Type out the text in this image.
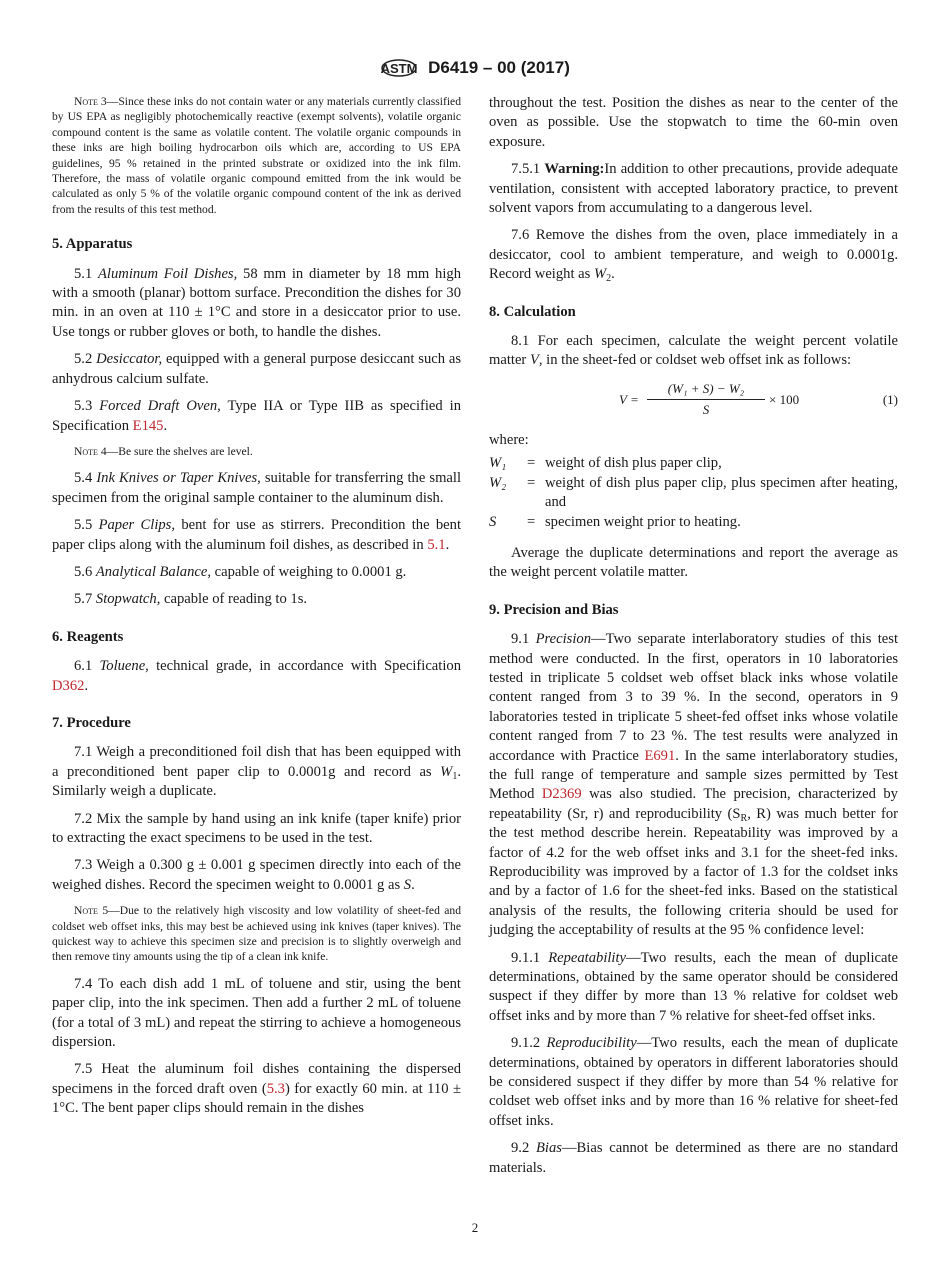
ASTM D6419 – 00 (2017)

Note 3—Since these inks do not contain water or any materials currently classified by US EPA as negligibly photochemically reactive (exempt solvents), volatile organic compound content is the same as volatile content. The volatile organic compounds in these inks are high boiling hydrocarbon oils which are, according to US EPA guidelines, 95 % retained in the printed substrate or oxidized into the ink film. Therefore, the mass of volatile organic compound emitted from the ink would be calculated as only 5 % of the volatile organic compound content of the ink as derived from the results of this test method.

5. Apparatus

5.1 Aluminum Foil Dishes, 58 mm in diameter by 18 mm high with a smooth (planar) bottom surface. Precondition the dishes for 30 min. in an oven at 110 ± 1°C and store in a desiccator prior to use. Use tongs or rubber gloves or both, to handle the dishes.

5.2 Desiccator, equipped with a general purpose desiccant such as anhydrous calcium sulfate.

5.3 Forced Draft Oven, Type IIA or Type IIB as specified in Specification E145.

Note 4—Be sure the shelves are level.

5.4 Ink Knives or Taper Knives, suitable for transferring the small specimen from the original sample container to the aluminum dish.

5.5 Paper Clips, bent for use as stirrers. Precondition the bent paper clips along with the aluminum foil dishes, as described in 5.1.

5.6 Analytical Balance, capable of weighing to 0.0001 g.

5.7 Stopwatch, capable of reading to 1s.

6. Reagents

6.1 Toluene, technical grade, in accordance with Specification D362.

7. Procedure

7.1 Weigh a preconditioned foil dish that has been equipped with a preconditioned bent paper clip to 0.0001g and record as $W_1$. Similarly weigh a duplicate.

7.2 Mix the sample by hand using an ink knife (taper knife) prior to extracting the exact specimens to be used in the test.

7.3 Weigh a 0.300 g ± 0.001 g specimen directly into each of the weighed dishes. Record the specimen weight to 0.0001 g as S.

Note 5—Due to the relatively high viscosity and low volatility of sheet-fed and coldset web offset inks, this may best be achieved using ink knives (taper knives). The quickest way to achieve this specimen size and precision is to slightly overweigh and then remove tiny amounts using the tip of a clean ink knife.

7.4 To each dish add 1 mL of toluene and stir, using the bent paper clip, into the ink specimen. Then add a further 2 mL of toluene (for a total of 3 mL) and repeat the stirring to achieve a homogeneous dispersion.

7.5 Heat the aluminum foil dishes containing the dispersed specimens in the forced draft oven (5.3) for exactly 60 min. at 110 ± 1°C. The bent paper clips should remain in the dishes

throughout the test. Position the dishes as near to the center of the oven as possible. Use the stopwatch to time the 60-min oven exposure.

7.5.1 Warning:In addition to other precautions, provide adequate ventilation, consistent with accepted laboratory practice, to prevent solvent vapors from accumulating to a dangerous level.

7.6 Remove the dishes from the oven, place immediately in a desiccator, cool to ambient temperature, and weigh to 0.0001g. Record weight as $W_2$.

8. Calculation

8.1 For each specimen, calculate the weight percent volatile matter V, in the sheet-fed or coldset web offset ink as follows:

$V = \frac{\text{(W₁ + S) − W₂}}{S} \times 100$	(1)
where:
W₁	= weight of dish plus paper clip,
W₂	= weight of dish plus paper clip, plus specimen after heating, and
S	= specimen weight prior to heating.

Average the duplicate determinations and report the average as the weight percent volatile matter.

9. Precision and Bias

9.1 Precision—Two separate interlaboratory studies of this test method were conducted. In the first, operators in 10 laboratories tested in triplicate 5 coldset web offset black inks whose volatile content ranged from 3 to 39 %. In the second, operators in 9 laboratories tested in triplicate 5 sheet-fed offset inks whose volatile content ranged from 7 to 23 %. The test results were analyzed in accordance with Practice E691. In the same interlaboratory studies, the full range of temperature and sample sizes permitted by Test Method D2369 was also studied. The precision, characterized by repeatability (Sr, r) and reproducibility ($S_R$, R) was much better for the test method describe herein. Repeatability was improved by a factor of 4.2 for the web offset inks and 3.1 for the sheet-fed inks. Reproducibility was improved by a factor of 1.3 for the coldset inks and by a factor of 1.6 for the sheet-fed inks. Based on the statistical analysis of the results, the following criteria should be used for judging the acceptability of results at the 95 % confidence level:

9.1.1 Repeatability—Two results, each the mean of duplicate determinations, obtained by the same operator should be considered suspect if they differ by more than 13 % relative for coldset web offset inks and by more than 7 % relative for sheet-fed offset inks.

9.1.2 Reproducibility—Two results, each the mean of duplicate determinations, obtained by operators in different laboratories should be considered suspect if they differ by more than 54 % relative for coldset web offset inks and by more than 16 % relative for sheet-fed offset inks.

9.2 Bias—Bias cannot be determined as there are no standard materials.

2
